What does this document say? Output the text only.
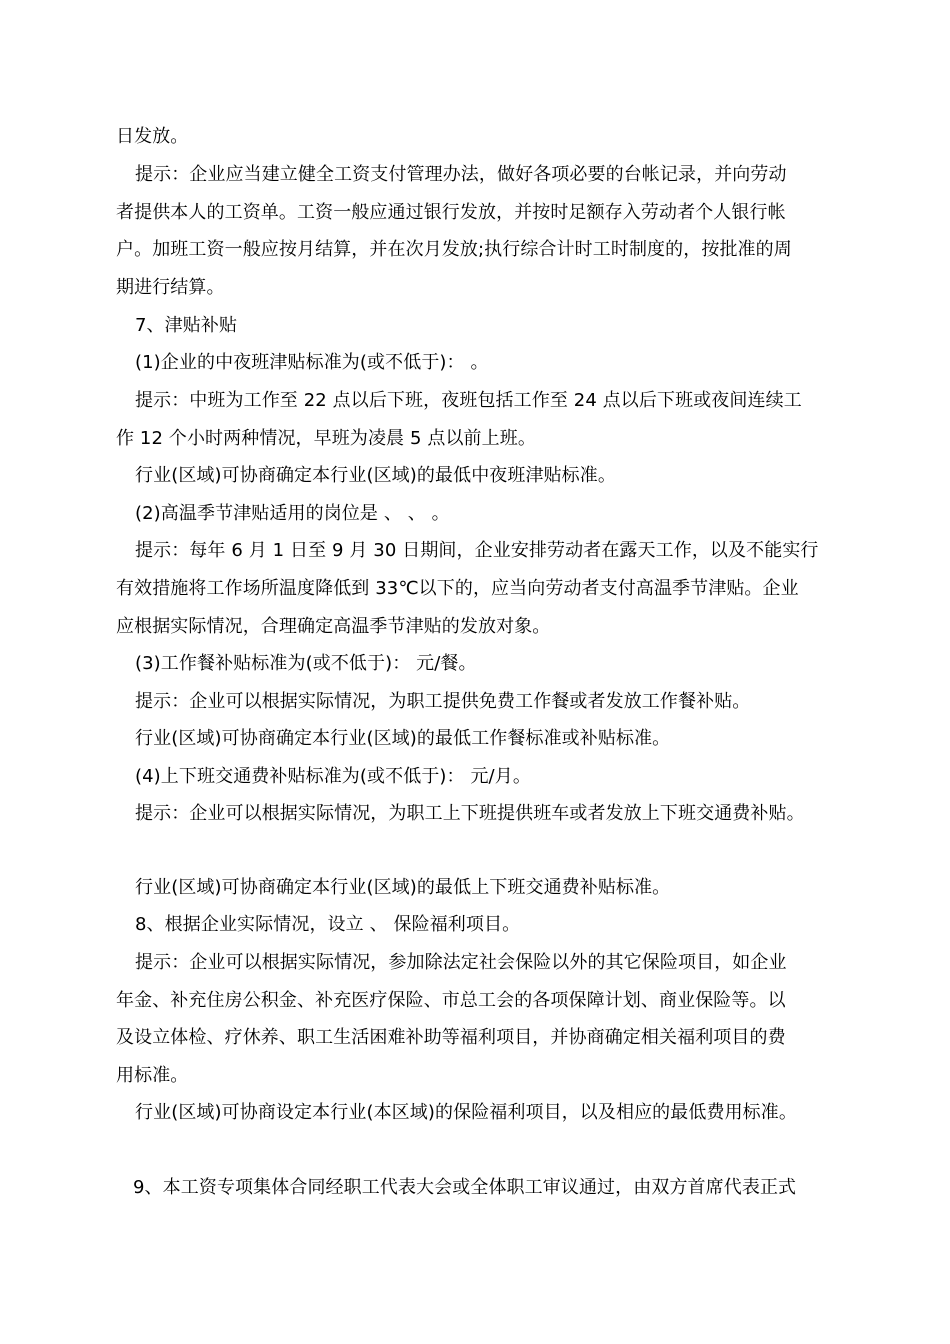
日发放。
提示：企业应当建立健全工资支付管理办法，做好各项必要的台帐记录，并向劳动
者提供本人的工资单。工资一般应通过银行发放，并按时足额存入劳动者个人银行帐
户。加班工资一般应按月结算，并在次月发放;执行综合计时工时制度的，按批准的周
期进行结算。
7、津贴补贴
(1)企业的中夜班津贴标准为(或不低于)： 。
提示：中班为工作至 22 点以后下班，夜班包括工作至 24 点以后下班或夜间连续工
作 12 个小时两种情况，早班为凌晨 5 点以前上班。
行业(区域)可协商确定本行业(区域)的最低中夜班津贴标准。
(2)高温季节津贴适用的岗位是 、 、 。
提示：每年 6 月 1 日至 9 月 30 日期间，企业安排劳动者在露天工作，以及不能实行
有效措施将工作场所温度降低到 33℃以下的，应当向劳动者支付高温季节津贴。企业
应根据实际情况，合理确定高温季节津贴的发放对象。
(3)工作餐补贴标准为(或不低于)： 元/餐。
提示：企业可以根据实际情况，为职工提供免费工作餐或者发放工作餐补贴。
行业(区域)可协商确定本行业(区域)的最低工作餐标准或补贴标准。
(4)上下班交通费补贴标准为(或不低于)： 元/月。
提示：企业可以根据实际情况，为职工上下班提供班车或者发放上下班交通费补贴。
行业(区域)可协商确定本行业(区域)的最低上下班交通费补贴标准。
8、根据企业实际情况，设立 、 保险福利项目。
提示：企业可以根据实际情况，参加除法定社会保险以外的其它保险项目，如企业
年金、补充住房公积金、补充医疗保险、市总工会的各项保障计划、商业保险等。以
及设立体检、疗休养、职工生活困难补助等福利项目，并协商确定相关福利项目的费
用标准。
行业(区域)可协商设定本行业(本区域)的保险福利项目，以及相应的最低费用标准。
9、本工资专项集体合同经职工代表大会或全体职工审议通过，由双方首席代表正式
